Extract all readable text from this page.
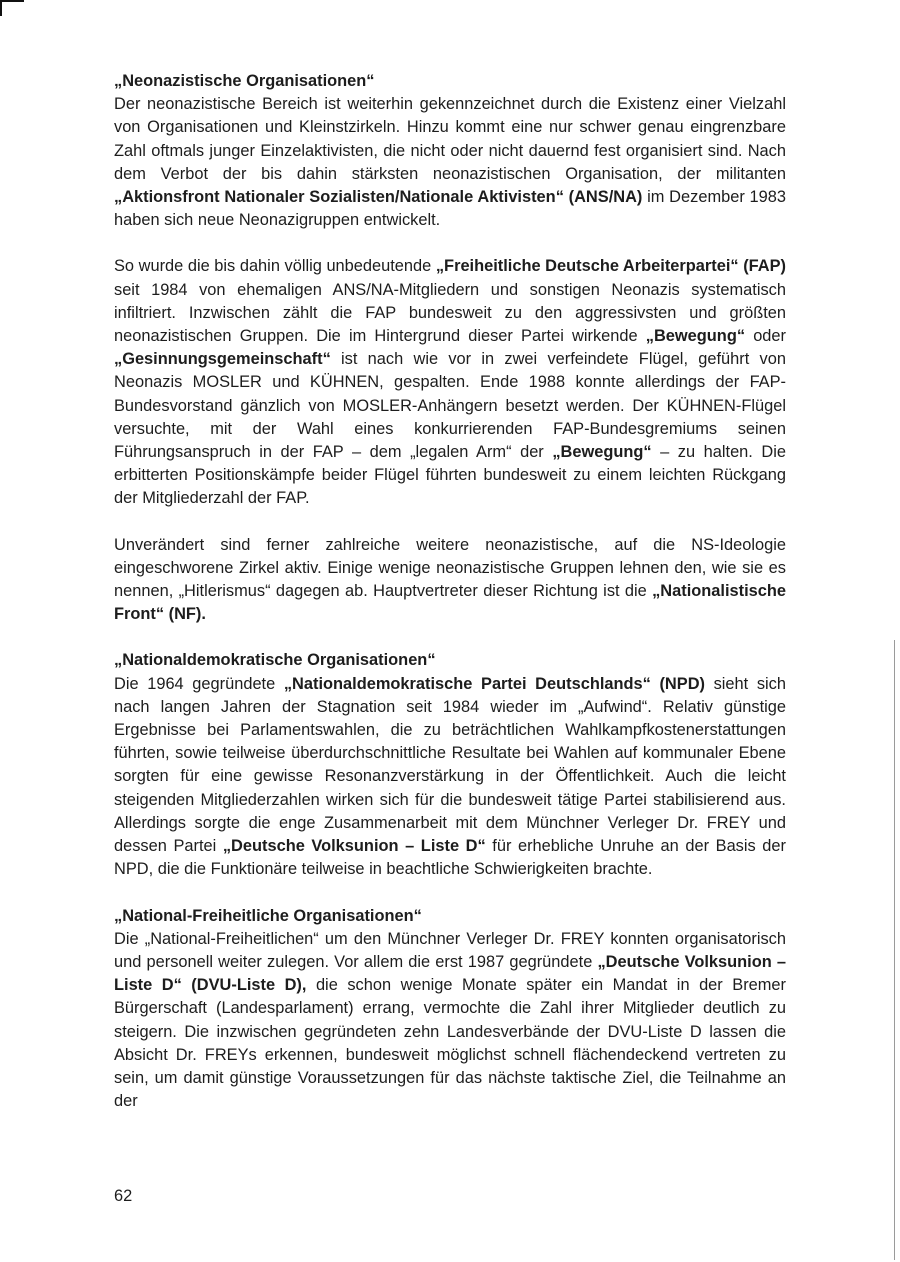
„Neonazistische Organisationen“

Der neonazistische Bereich ist weiterhin gekennzeichnet durch die Existenz einer Vielzahl von Organisationen und Kleinstzirkeln. Hinzu kommt eine nur schwer genau eingrenzbare Zahl oftmals junger Einzelaktivisten, die nicht oder nicht dauernd fest organisiert sind. Nach dem Verbot der bis dahin stärksten neonazistischen Organisation, der militanten „Aktionsfront Nationaler Sozialisten/Nationale Aktivisten“ (ANS/NA) im Dezember 1983 haben sich neue Neonazigruppen entwickelt.

So wurde die bis dahin völlig unbedeutende „Freiheitliche Deutsche Arbeiterpartei“ (FAP) seit 1984 von ehemaligen ANS/NA-Mitgliedern und sonstigen Neonazis systematisch infiltriert. Inzwischen zählt die FAP bundesweit zu den aggressivsten und größten neonazistischen Gruppen. Die im Hintergrund dieser Partei wirkende „Bewegung“ oder „Gesinnungsgemeinschaft“ ist nach wie vor in zwei verfeindete Flügel, geführt von Neonazis MOSLER und KÜHNEN, gespalten. Ende 1988 konnte allerdings der FAP-Bundesvorstand gänzlich von MOSLER-Anhängern besetzt werden. Der KÜHNEN-Flügel versuchte, mit der Wahl eines konkurrierenden FAP-Bundesgremiums seinen Führungsanspruch in der FAP – dem „legalen Arm“ der „Bewegung“ – zu halten. Die erbitterten Positionskämpfe beider Flügel führten bundesweit zu einem leichten Rückgang der Mitgliederzahl der FAP.

Unverändert sind ferner zahlreiche weitere neonazistische, auf die NS-Ideologie eingeschworene Zirkel aktiv. Einige wenige neonazistische Gruppen lehnen den, wie sie es nennen, „Hitlerismus“ dagegen ab. Hauptvertreter dieser Richtung ist die „Nationalistische Front“ (NF).

„Nationaldemokratische Organisationen“

Die 1964 gegründete „Nationaldemokratische Partei Deutschlands“ (NPD) sieht sich nach langen Jahren der Stagnation seit 1984 wieder im „Aufwind“. Relativ günstige Ergebnisse bei Parlamentswahlen, die zu beträchtlichen Wahlkampfkostenerstattungen führten, sowie teilweise überdurchschnittliche Resultate bei Wahlen auf kommunaler Ebene sorgten für eine gewisse Resonanzverstärkung in der Öffentlichkeit. Auch die leicht steigenden Mitgliederzahlen wirken sich für die bundesweit tätige Partei stabilisierend aus. Allerdings sorgte die enge Zusammenarbeit mit dem Münchner Verleger Dr. FREY und dessen Partei „Deutsche Volksunion – Liste D“ für erhebliche Unruhe an der Basis der NPD, die die Funktionäre teilweise in beachtliche Schwierigkeiten brachte.

„National-Freiheitliche Organisationen“

Die „National-Freiheitlichen“ um den Münchner Verleger Dr. FREY konnten organisatorisch und personell weiter zulegen. Vor allem die erst 1987 gegründete „Deutsche Volksunion – Liste D“ (DVU-Liste D), die schon wenige Monate später ein Mandat in der Bremer Bürgerschaft (Landesparlament) errang, vermochte die Zahl ihrer Mitglieder deutlich zu steigern. Die inzwischen gegründeten zehn Landesverbände der DVU-Liste D lassen die Absicht Dr. FREYs erkennen, bundesweit möglichst schnell flächendeckend vertreten zu sein, um damit günstige Voraussetzungen für das nächste taktische Ziel, die Teilnahme an der

62
